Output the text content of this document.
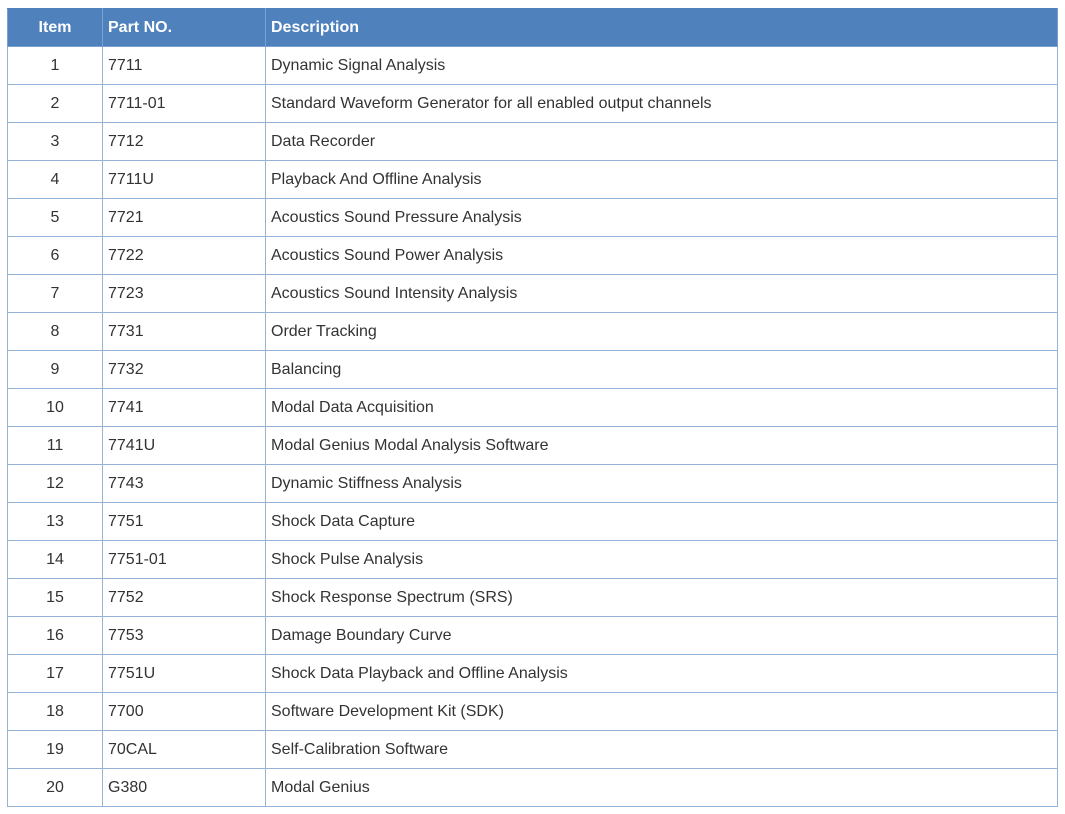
Item	Part NO.	Description
1	7711	Dynamic Signal Analysis
2	7711-01	Standard Waveform Generator for all enabled output channels
3	7712	Data Recorder
4	7711U	Playback And Offline Analysis
5	7721	Acoustics Sound Pressure Analysis
6	7722	Acoustics Sound Power Analysis
7	7723	Acoustics Sound Intensity Analysis
8	7731	Order Tracking
9	7732	Balancing
10	7741	Modal Data Acquisition
11	7741U	Modal Genius Modal Analysis Software
12	7743	Dynamic Stiffness Analysis
13	7751	Shock Data Capture
14	7751-01	Shock Pulse Analysis
15	7752	Shock Response Spectrum (SRS)
16	7753	Damage Boundary Curve
17	7751U	Shock Data Playback and Offline Analysis
18	7700	Software Development Kit (SDK)
19	70CAL	Self-Calibration Software
20	G380	Modal Genius
